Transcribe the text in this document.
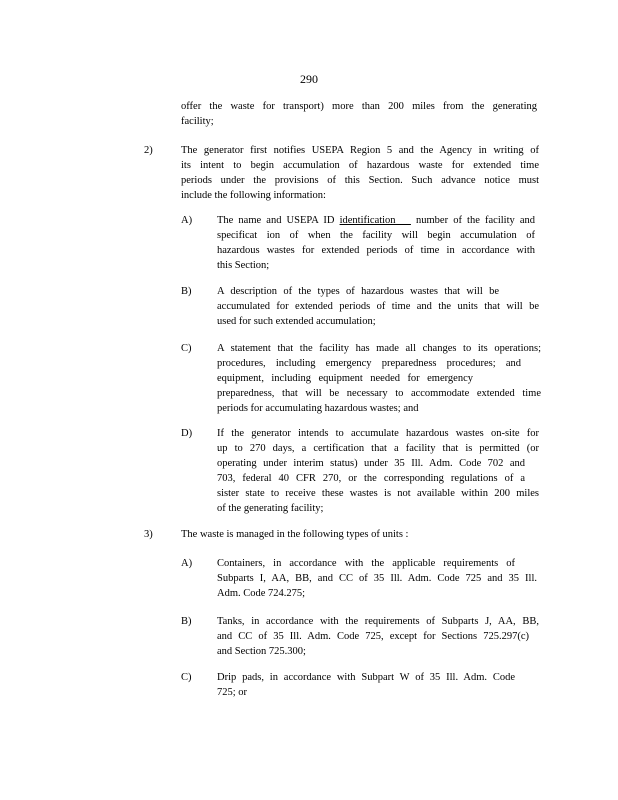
290
offer the waste for transport) more than 200 miles from the generating
facility;
2)	The generator first notifies USEPA Region 5 and the Agency in writing of
its intent to begin accumulation of hazardous waste for extended time
periods under the provisions of this Section. Such advance notice must
include the following information:
A) The name and USEPA ID identification    number of the facility and
specificat ion of when the facility will begin accumulation of
hazardous wastes for extended periods of time in accordance with
this Section;
B) A description of the types of hazardous wastes that will be
accumulated for extended periods of time and the units that will be
used for such extended accumulation;
C) A statement that the facility has made all changes to its operations;
procedures, including emergency preparedness procedures; and
equipment, including equipment needed for emergency
preparedness, that will be necessary to accommodate extended time
periods for accumulating hazardous wastes; and
D) If the generator intends to accumulate hazardous wastes on-site for
up to 270 days, a certification that a facility that is permitted (or
operating under interim status) under 35 Ill. Adm. Code 702 and
703, federal 40 CFR 270, or the corresponding regulations of a
sister state to receive these wastes is not available within 200 miles
of the generating facility;
3)	The waste is managed in the following types of units :
A) Containers, in accordance with the applicable requirements of
Subparts I, AA, BB, and CC of 35 Ill. Adm. Code 725 and 35 Ill.
Adm. Code 724.275;
B) Tanks, in accordance with the requirements of Subparts J, AA, BB,
and CC of 35 Ill. Adm. Code 725, except for Sections 725.297(c)
and Section 725.300;
C) Drip pads, in accordance with Subpart W of 35 Ill. Adm. Code
725; or
